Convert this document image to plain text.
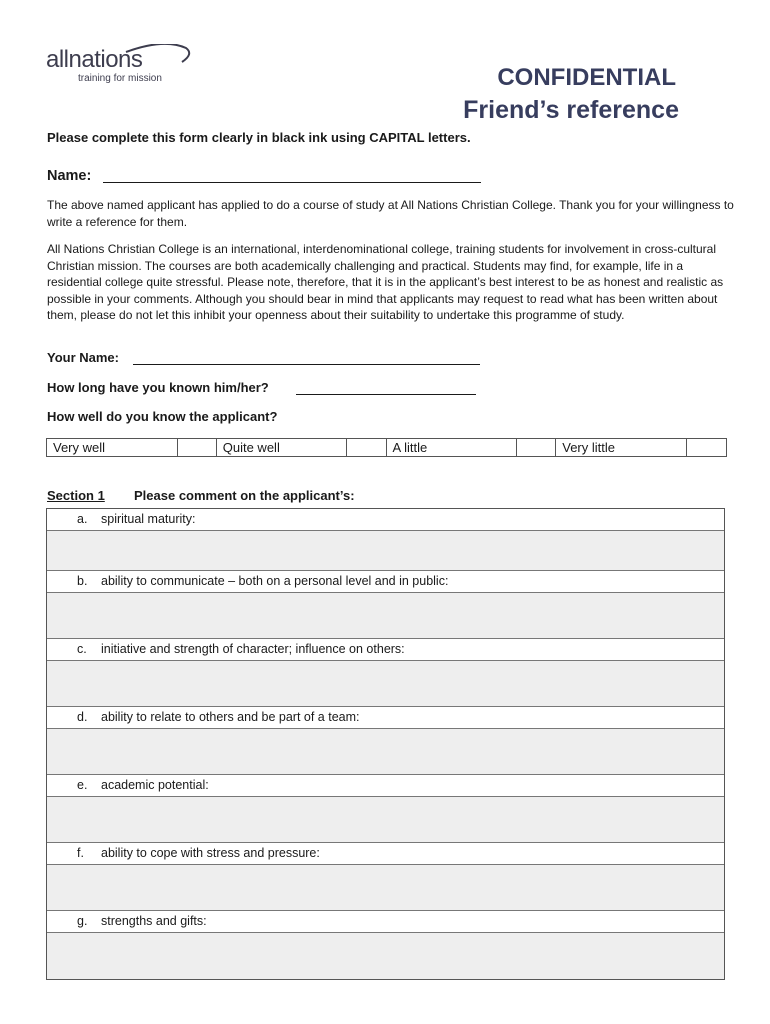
allnations
training for mission	CONFIDENTIAL
Friend’s reference
Please complete this form clearly in black ink using CAPITAL letters.
Name:
The above named applicant has applied to do a course of study at All Nations Christian College. Thank you for your willingness to write a reference for them.
All Nations Christian College is an international, interdenominational college, training students for involvement in cross-cultural Christian mission. The courses are both academically challenging and practical. Students may find, for example, life in a residential college quite stressful. Please note, therefore, that it is in the applicant’s best interest to be as honest and realistic as possible in your comments. Although you should bear in mind that applicants may request to read what has been written about them, please do not let this inhibit your openness about their suitability to undertake this programme of study.
Your Name:
How long have you known him/her?
How well do you know the applicant?
Very well	Quite well	A little	Very little
Section 1 Please comment on the applicant’s:
a. spiritual maturity:
b. ability to communicate – both on a personal level and in public:
c. initiative and strength of character; influence on others:
d. ability to relate to others and be part of a team:
e. academic potential:
f. ability to cope with stress and pressure:
g. strengths and gifts:
